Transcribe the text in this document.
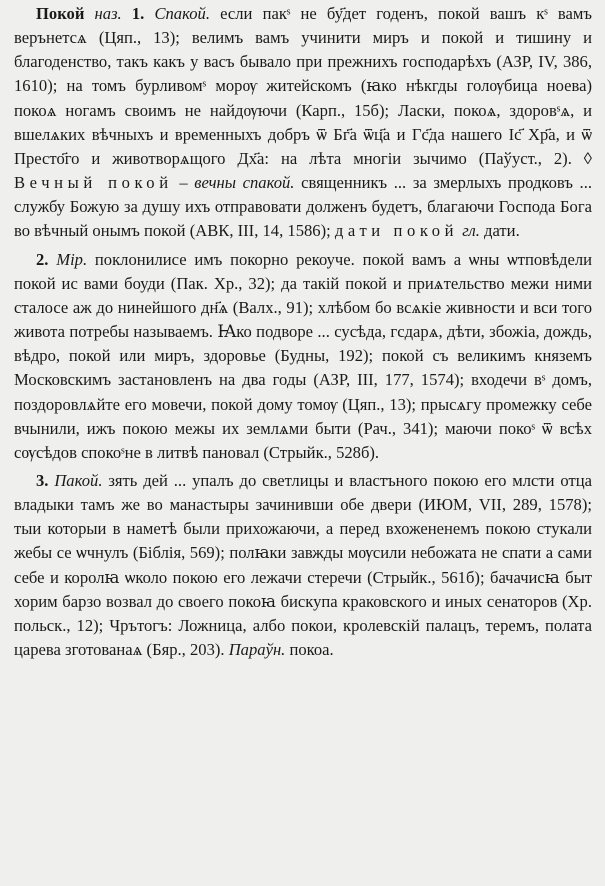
Покой наз. 1. Спакой. если пакˢ не бу҃дет годенъ, покой вашъ кˢ вамъ верънетсѧ (Цяп., 13); велимъ вамъ учинити миръ и покой и тишину и благоденство, такъ какъ у васъ бывало при прежнихъ господарѣхъ (АЗР, IV, 386, 1610); на томъ бурливомˢ морѹ житейскомъ (ꙗко нѣкгды голѹбица ноева) покоѧ ногамъ своимъ не найдѹючи (Карп., 15б); Ласки, покоѧ, здоровˢѧ, и вшелѧких вѣчныхъ и временныхъ добръ ѿ Бг҃а ѿц҃а и Гс҃да нашего Іс҃ Хр҃а, и ѿ Престо҃го и животворѧщого Дх҃а: на лѣта многіи зычимо (Паўуст., 2). ◊ Вечный покой – вечны спакой. священникъ ... за змерлыхъ продковъ ... службу Божую за душу ихъ отправовати долженъ будетъ, благаючи Господа Бога во вѣчный онымъ покой (АВК, III, 14, 1586); дати покой гл. дати.

2. Мір. поклонилисе имъ покорно рекоуче. покой вамъ а ѡны ѡтповѣдели покой ис вами боуди (Пак. Хр., 32); да такій покой и приѧтельство межи ними сталосе аж до нинейшого дн҃ѧ (Валх., 91); хлѣбом бо всѧкіе живности и вси того живота потребы называемъ. Ꙗко подворе ... сусѣда, гсдарѧ, дѣти, збожіа, дождь, вѣдро, покой или миръ, здоровье (Будны, 192); покой съ великимъ княземъ Московскимъ застановленъ на два годы (АЗР, III, 177, 1574); входечи вˢ домъ, поздоровлѧйте его мовечи, покой дому томѹ (Цяп., 13); прысѧгу промежку себе вчынили, ижъ покою межы их землѧми быти (Рач., 341); маючи покоˢ ѿ всѣх сѹсѣдов спокоˢне в литвѣ панoвал (Стрыйк., 528б).

3. Пакой. зять дей ... упалъ до светлицы и властъного покою его млсти отца владыки тамъ же во манастыры зачинивши обе двери (ИЮМ, VII, 289, 1578); тыи которыи в наметѣ были прихожаючи, а перед вхожененемъ покою стукали жебы се ѡчнулъ (Біблія, 569); полꙗки завжды мѹсили небожата не спати а сами себе и королꙗ ѡколо покою его лежачи стеречи (Стрыйк., 561б); бачачисꙗ быт хорим барзо возвал до своего покоꙗ бискупа краковского и иных сенаторов (Хр. польск., 12); Чрътогъ: Ложница, албо покои, кролевскій палацъ, теремъ, полата царева зготованаѧ (Бяр., 203). Параўн. покоа.
